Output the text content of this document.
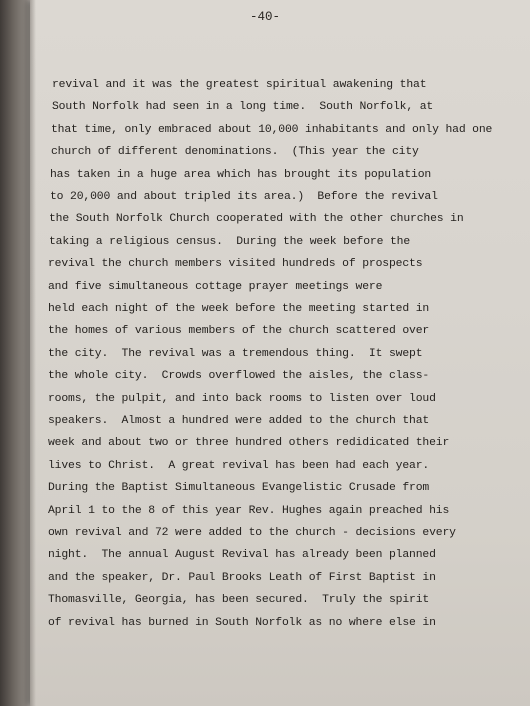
-40-
revival and it was the greatest spiritual awakening that
South Norfolk had seen in a long time.  South Norfolk, at
that time, only embraced about 10,000 inhabitants and only had one
church of different denominations.  (This year the city
has taken in a huge area which has brought its population
to 20,000 and about tripled its area.)  Before the revival
the South Norfolk Church cooperated with the other churches in
taking a religious census.  During the week before the
revival the church members visited hundreds of prospects
and five simultaneous cottage prayer meetings were
held each night of the week before the meeting started in
the homes of various members of the church scattered over
the city.  The revival was a tremendous thing.  It swept
the whole city.  Crowds overflowed the aisles, the class-
rooms, the pulpit, and into back rooms to listen over loud
speakers.  Almost a hundred were added to the church that
week and about two or three hundred others redidicated their
lives to Christ.  A great revival has been had each year.
During the Baptist Simultaneous Evangelistic Crusade from
April 1 to the 8 of this year Rev. Hughes again preached his
own revival and 72 were added to the church - decisions every
night.  The annual August Revival has already been planned
and the speaker, Dr. Paul Brooks Leath of First Baptist in
Thomasville, Georgia, has been secured.  Truly the spirit
of revival has burned in South Norfolk as no where else in
